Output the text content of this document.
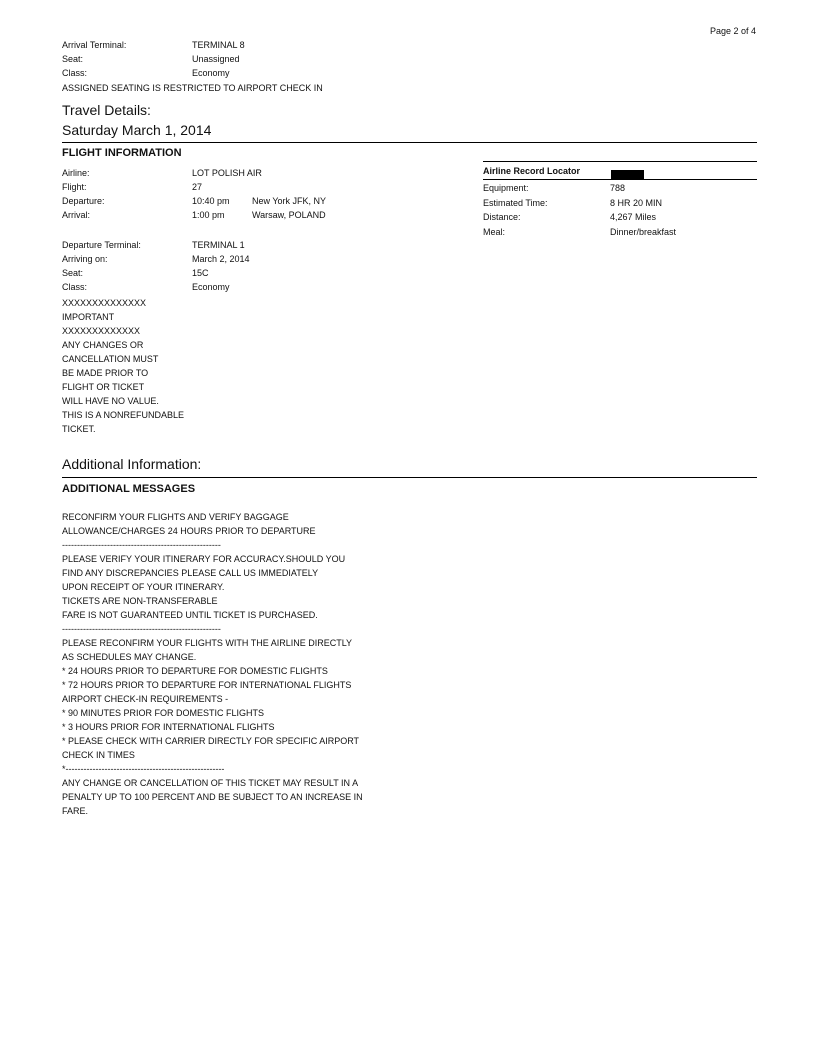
Page 2 of 4
Arrival Terminal:	TERMINAL 8
Seat:	Unassigned
Class:	Economy
ASSIGNED SEATING IS RESTRICTED TO AIRPORT CHECK IN
Travel Details:
Saturday March 1, 2014
FLIGHT INFORMATION
Airline:	LOT POLISH AIR
Flight:	27
Departure:	10:40 pm	New York JFK, NY
Arrival:	1:00 pm	Warsaw, POLAND
Departure Terminal:	TERMINAL 1
Arriving on:	March 2, 2014
Seat:	15C
Class:	Economy
XXXXXXXXXXXXXX
IMPORTANT
XXXXXXXXXXXXX
ANY CHANGES OR
CANCELLATION MUST
BE MADE PRIOR TO
FLIGHT OR TICKET
WILL HAVE NO VALUE.
THIS IS A NONREFUNDABLE
TICKET.
Airline Record Locator
Equipment:	788
Estimated Time:	8 HR 20 MIN
Distance:	4,267 Miles
Meal:	Dinner/breakfast
Additional Information:
ADDITIONAL MESSAGES
RECONFIRM YOUR FLIGHTS AND VERIFY BAGGAGE
ALLOWANCE/CHARGES 24 HOURS PRIOR TO DEPARTURE
-----------------------------------------------------
PLEASE VERIFY YOUR ITINERARY FOR ACCURACY.SHOULD YOU
FIND ANY DISCREPANCIES PLEASE CALL US IMMEDIATELY
UPON RECEIPT OF YOUR ITINERARY.
TICKETS ARE NON-TRANSFERABLE
FARE IS NOT GUARANTEED UNTIL TICKET IS PURCHASED.
-----------------------------------------------------
PLEASE RECONFIRM YOUR FLIGHTS WITH THE AIRLINE DIRECTLY
AS SCHEDULES MAY CHANGE.
* 24 HOURS PRIOR TO DEPARTURE FOR DOMESTIC FLIGHTS
* 72 HOURS PRIOR TO DEPARTURE FOR INTERNATIONAL FLIGHTS
AIRPORT CHECK-IN REQUIREMENTS -
* 90 MINUTES PRIOR FOR DOMESTIC FLIGHTS
* 3 HOURS PRIOR FOR INTERNATIONAL FLIGHTS
* PLEASE CHECK WITH CARRIER DIRECTLY FOR SPECIFIC AIRPORT
CHECK IN TIMES
*-----------------------------------------------------
ANY CHANGE OR CANCELLATION OF THIS TICKET MAY RESULT IN A
PENALTY UP TO 100 PERCENT AND BE SUBJECT TO AN INCREASE IN
FARE.
